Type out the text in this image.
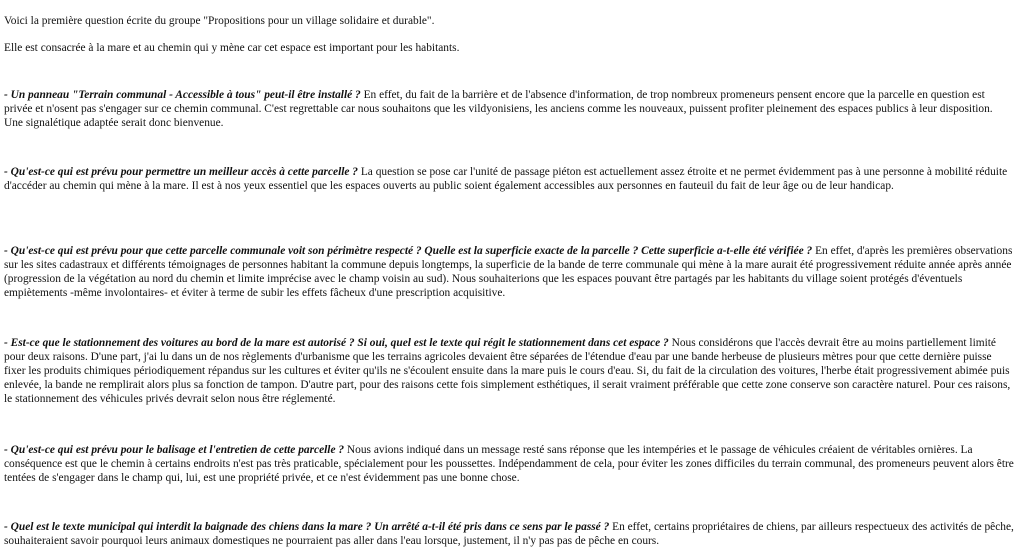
Voici la première question écrite du groupe "Propositions pour un village solidaire et durable".

Elle est consacrée à la mare et au chemin qui y mène car cet espace est important pour les habitants.

- Un panneau "Terrain communal - Accessible à tous" peut-il être installé ? En effet, du fait de la barrière et de l'absence d'information, de trop nombreux promeneurs pensent encore que la parcelle en question est privée et n'osent pas s'engager sur ce chemin communal. C'est regrettable car nous souhaitons que les vildyonisiens, les anciens comme les nouveaux, puissent profiter pleinement des espaces publics à leur disposition. Une signalétique adaptée serait donc bienvenue.

- Qu'est-ce qui est prévu pour permettre un meilleur accès à cette parcelle ? La question se pose car l'unité de passage piéton est actuellement assez étroite et ne permet évidemment pas à une personne à mobilité réduite d'accéder au chemin qui mène à la mare. Il est à nos yeux essentiel que les espaces ouverts au public soient également accessibles aux personnes en fauteuil du fait de leur âge ou de leur handicap.

- Qu'est-ce qui est prévu pour que cette parcelle communale voit son périmètre respecté ? Quelle est la superficie exacte de la parcelle ? Cette superficie a-t-elle été vérifiée ? En effet, d'après les premières observations sur les sites cadastraux et différents témoignages de personnes habitant la commune depuis longtemps, la superficie de la bande de terre communale qui mène à la mare aurait été progressivement réduite année après année (progression de la végétation au nord du chemin et limite imprécise avec le champ voisin au sud). Nous souhaiterions que les espaces pouvant être partagés par les habitants du village soient protégés d'éventuels empiètements -même involontaires- et éviter à terme de subir les effets fâcheux d'une prescription acquisitive.

- Est-ce que le stationnement des voitures au bord de la mare est autorisé ? Si oui, quel est le texte qui régit le stationnement dans cet espace ? Nous considérons que l'accès devrait être au moins partiellement limité pour deux raisons. D'une part, j'ai lu dans un de nos règlements d'urbanisme que les terrains agricoles devaient être séparées de l'étendue d'eau par une bande herbeuse de plusieurs mètres pour que cette dernière puisse fixer les produits chimiques périodiquement répandus sur les cultures et éviter qu'ils ne s'écoulent ensuite dans la mare puis le cours d'eau. Si, du fait de la circulation des voitures, l'herbe était progressivement abimée puis enlevée, la bande ne remplirait alors plus sa fonction de tampon. D'autre part, pour des raisons cette fois simplement esthétiques, il serait vraiment préférable que cette zone conserve son caractère naturel. Pour ces raisons, le stationnement des véhicules privés devrait selon nous être réglementé.

- Qu'est-ce qui est prévu pour le balisage et l'entretien de cette parcelle ? Nous avions indiqué dans un message resté sans réponse que les intempéries et le passage de véhicules créaient de véritables ornières. La conséquence est que le chemin à certains endroits n'est pas très praticable, spécialement pour les poussettes. Indépendamment de cela, pour éviter les zones difficiles du terrain communal, des promeneurs peuvent alors être tentées de s'engager dans le champ qui, lui, est une propriété privée, et ce n'est évidemment pas une bonne chose.

- Quel est le texte municipal qui interdit la baignade des chiens dans la mare ? Un arrêté a-t-il été pris dans ce sens par le passé ? En effet, certains propriétaires de chiens, par ailleurs respectueux des activités de pêche, souhaiteraient savoir pourquoi leurs animaux domestiques ne pourraient pas aller dans l'eau lorsque, justement, il n'y pas pas de pêche en cours.
